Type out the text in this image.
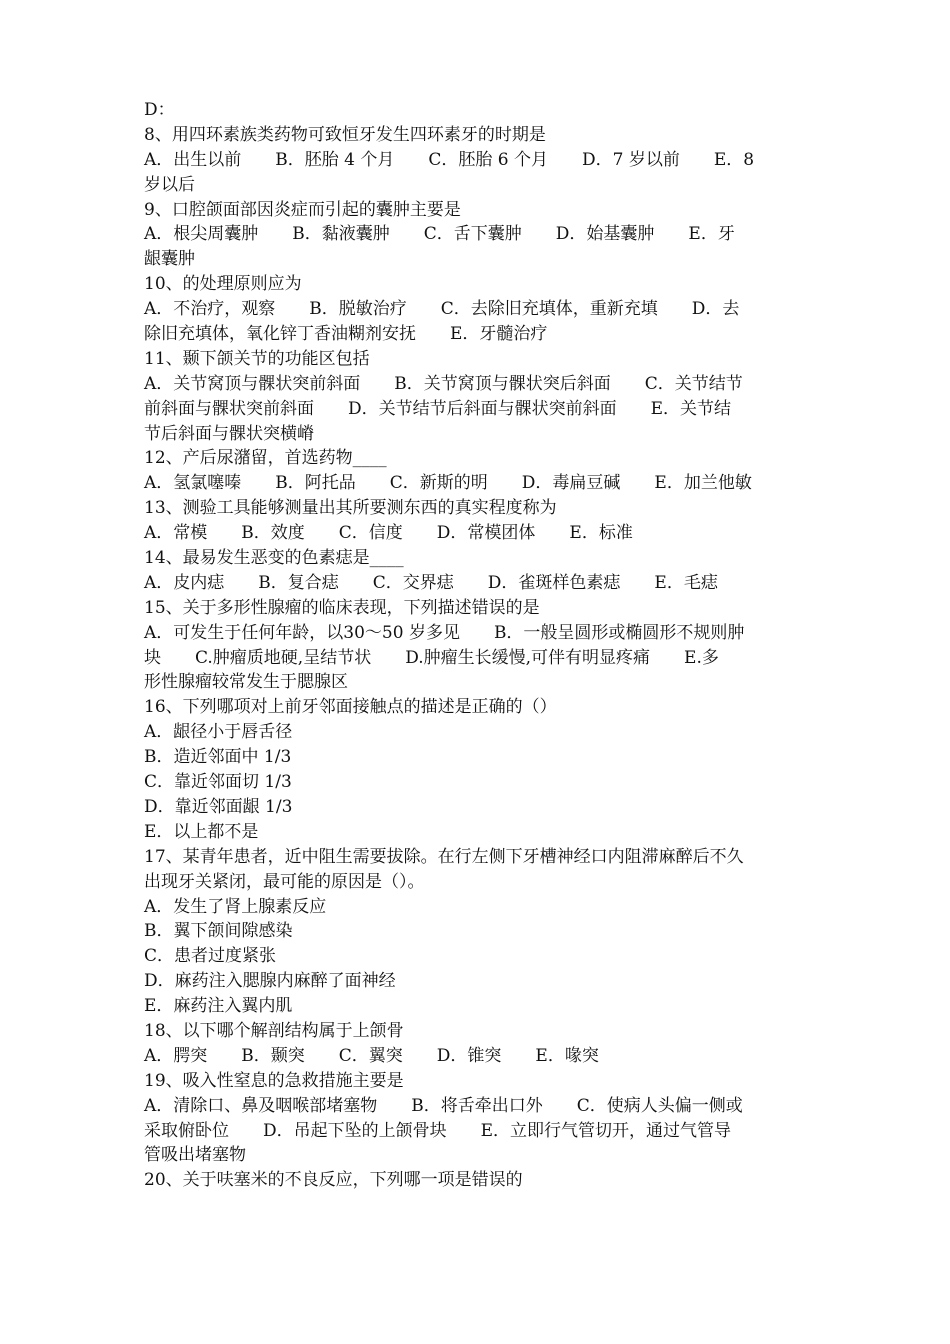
D：
8、用四环素族类药物可致恒牙发生四环素牙的时期是
A．出生以前　　B．胚胎 4 个月　　C．胚胎 6 个月　　D．7 岁以前　　E．8
岁以后
9、口腔颌面部因炎症而引起的囊肿主要是
A．根尖周囊肿　　B．黏液囊肿　　C．舌下囊肿　　D．始基囊肿　　E．牙
龈囊肿
10、的处理原则应为
A．不治疗，观察　　B．脱敏治疗　　C．去除旧充填体，重新充填　　D．去
除旧充填体，氧化锌丁香油糊剂安抚　　E．牙髓治疗
11、颞下颌关节的功能区包括
A．关节窝顶与髁状突前斜面　　B．关节窝顶与髁状突后斜面　　C．关节结节
前斜面与髁状突前斜面　　D．关节结节后斜面与髁状突前斜面　　E．关节结
节后斜面与髁状突横嵴
12、产后尿潴留，首选药物____
A．氢氯噻嗪　　B．阿托品　　C．新斯的明　　D．毒扁豆碱　　E．加兰他敏
13、测验工具能够测量出其所要测东西的真实程度称为
A．常模　　B．效度　　C．信度　　D．常模团体　　E．标准
14、最易发生恶变的色素痣是____
A．皮内痣　　B．复合痣　　C．交界痣　　D．雀斑样色素痣　　E．毛痣
15、关于多形性腺瘤的临床表现，下列描述错误的是
A．可发生于任何年龄，以30～50 岁多见　　B．一般呈圆形或椭圆形不规则肿
块　　C.肿瘤质地硬,呈结节状　　D.肿瘤生长缓慢,可伴有明显疼痛　　E.多
形性腺瘤较常发生于腮腺区
16、下列哪项对上前牙邻面接触点的描述是正确的（）
A．龈径小于唇舌径
B．造近邻面中 1/3
C．靠近邻面切 1/3
D．靠近邻面龈 1/3
E．以上都不是
17、某青年患者，近中阻生需要拔除。在行左侧下牙槽神经口内阻滞麻醉后不久
出现牙关紧闭，最可能的原因是（）。
A．发生了肾上腺素反应
B．翼下颌间隙感染
C．患者过度紧张
D．麻药注入腮腺内麻醉了面神经
E．麻药注入翼内肌
18、以下哪个解剖结构属于上颌骨
A．腭突　　B．颞突　　C．翼突　　D．锥突　　E．喙突
19、吸入性窒息的急救措施主要是
A．清除口、鼻及咽喉部堵塞物　　B．将舌牵出口外　　C．使病人头偏一侧或
采取俯卧位　　D．吊起下坠的上颌骨块　　E．立即行气管切开，通过气管导
管吸出堵塞物
20、关于呋塞米的不良反应，下列哪一项是错误的
